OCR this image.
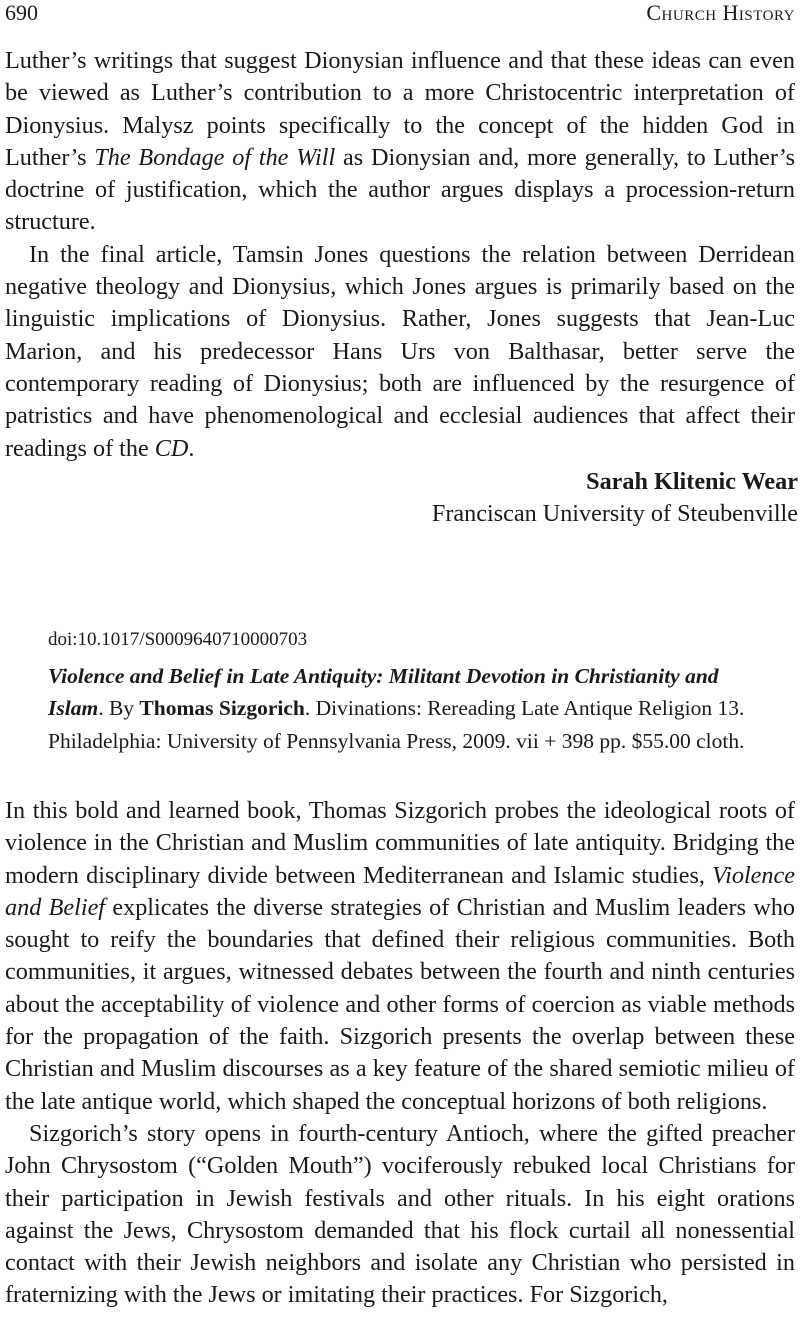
690	Church History

Luther’s writings that suggest Dionysian influence and that these ideas can even be viewed as Luther’s contribution to a more Christocentric interpretation of Dionysius. Malysz points specifically to the concept of the hidden God in Luther’s The Bondage of the Will as Dionysian and, more generally, to Luther’s doctrine of justification, which the author argues displays a procession-return structure.

In the final article, Tamsin Jones questions the relation between Derridean negative theology and Dionysius, which Jones argues is primarily based on the linguistic implications of Dionysius. Rather, Jones suggests that Jean-Luc Marion, and his predecessor Hans Urs von Balthasar, better serve the contemporary reading of Dionysius; both are influenced by the resurgence of patristics and have phenomenological and ecclesial audiences that affect their readings of the CD.

Sarah Klitenic Wear
Franciscan University of Steubenville
doi:10.1017/S0009640710000703
Violence and Belief in Late Antiquity: Militant Devotion in Christianity and Islam. By Thomas Sizgorich. Divinations: Rereading Late Antique Religion 13. Philadelphia: University of Pennsylvania Press, 2009. vii + 398 pp. $55.00 cloth.

In this bold and learned book, Thomas Sizgorich probes the ideological roots of violence in the Christian and Muslim communities of late antiquity. Bridging the modern disciplinary divide between Mediterranean and Islamic studies, Violence and Belief explicates the diverse strategies of Christian and Muslim leaders who sought to reify the boundaries that defined their religious communities. Both communities, it argues, witnessed debates between the fourth and ninth centuries about the acceptability of violence and other forms of coercion as viable methods for the propagation of the faith. Sizgorich presents the overlap between these Christian and Muslim discourses as a key feature of the shared semiotic milieu of the late antique world, which shaped the conceptual horizons of both religions.

Sizgorich’s story opens in fourth-century Antioch, where the gifted preacher John Chrysostom (“Golden Mouth”) vociferously rebuked local Christians for their participation in Jewish festivals and other rituals. In his eight orations against the Jews, Chrysostom demanded that his flock curtail all nonessential contact with their Jewish neighbors and isolate any Christian who persisted in fraternizing with the Jews or imitating their practices. For Sizgorich,
